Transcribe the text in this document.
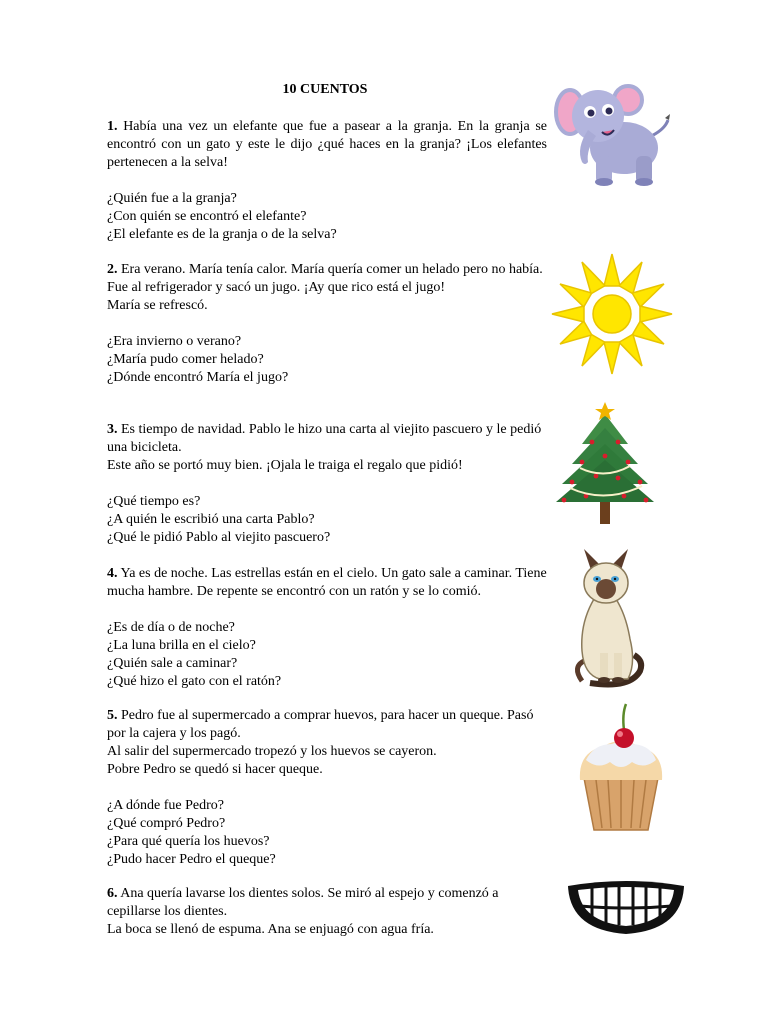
10 CUENTOS

1. Había una vez un elefante que fue a pasear a la granja. En la granja se encontró con un gato y este le dijo ¿qué haces en la granja? ¡Los elefantes pertenecen a la selva!

¿Quién fue a la granja?
¿Con quién se encontró el elefante?
¿El elefante es de la granja o de la selva?

2. Era verano. María tenía calor. María quería comer un helado pero no había.

Fue al refrigerador y sacó un jugo. ¡Ay que rico está el jugo!

María se refrescó.

¿Era invierno o verano?
¿María pudo comer helado?
¿Dónde encontró María el jugo?

3. Es tiempo de navidad. Pablo le hizo una carta al viejito pascuero y le pedió una bicicleta.

Este año se portó muy bien. ¡Ojala le traiga el regalo que pidió!

¿Qué tiempo es?
¿A quién le escribió una carta Pablo?
¿Qué le pidió Pablo al viejito pascuero?

4. Ya es de noche. Las estrellas están en el cielo. Un gato sale a caminar. Tiene mucha hambre. De repente se encontró con un ratón y se lo comió.

¿Es de día o de noche?
¿La luna brilla en el cielo?
¿Quién sale a caminar?
¿Qué hizo el gato con el ratón?

5. Pedro fue al supermercado a comprar huevos, para hacer un queque. Pasó por la cajera y los pagó.

Al salir del supermercado tropezó y los huevos se cayeron.

Pobre Pedro se quedó si hacer queque.

¿A dónde fue Pedro?
¿Qué compró Pedro?
¿Para qué quería los huevos?
¿Pudo hacer Pedro el queque?

6. Ana quería lavarse los dientes solos. Se miró al espejo y comenzó a cepillarse los dientes.

La boca se llenó de espuma. Ana se enjuagó con agua fría.
